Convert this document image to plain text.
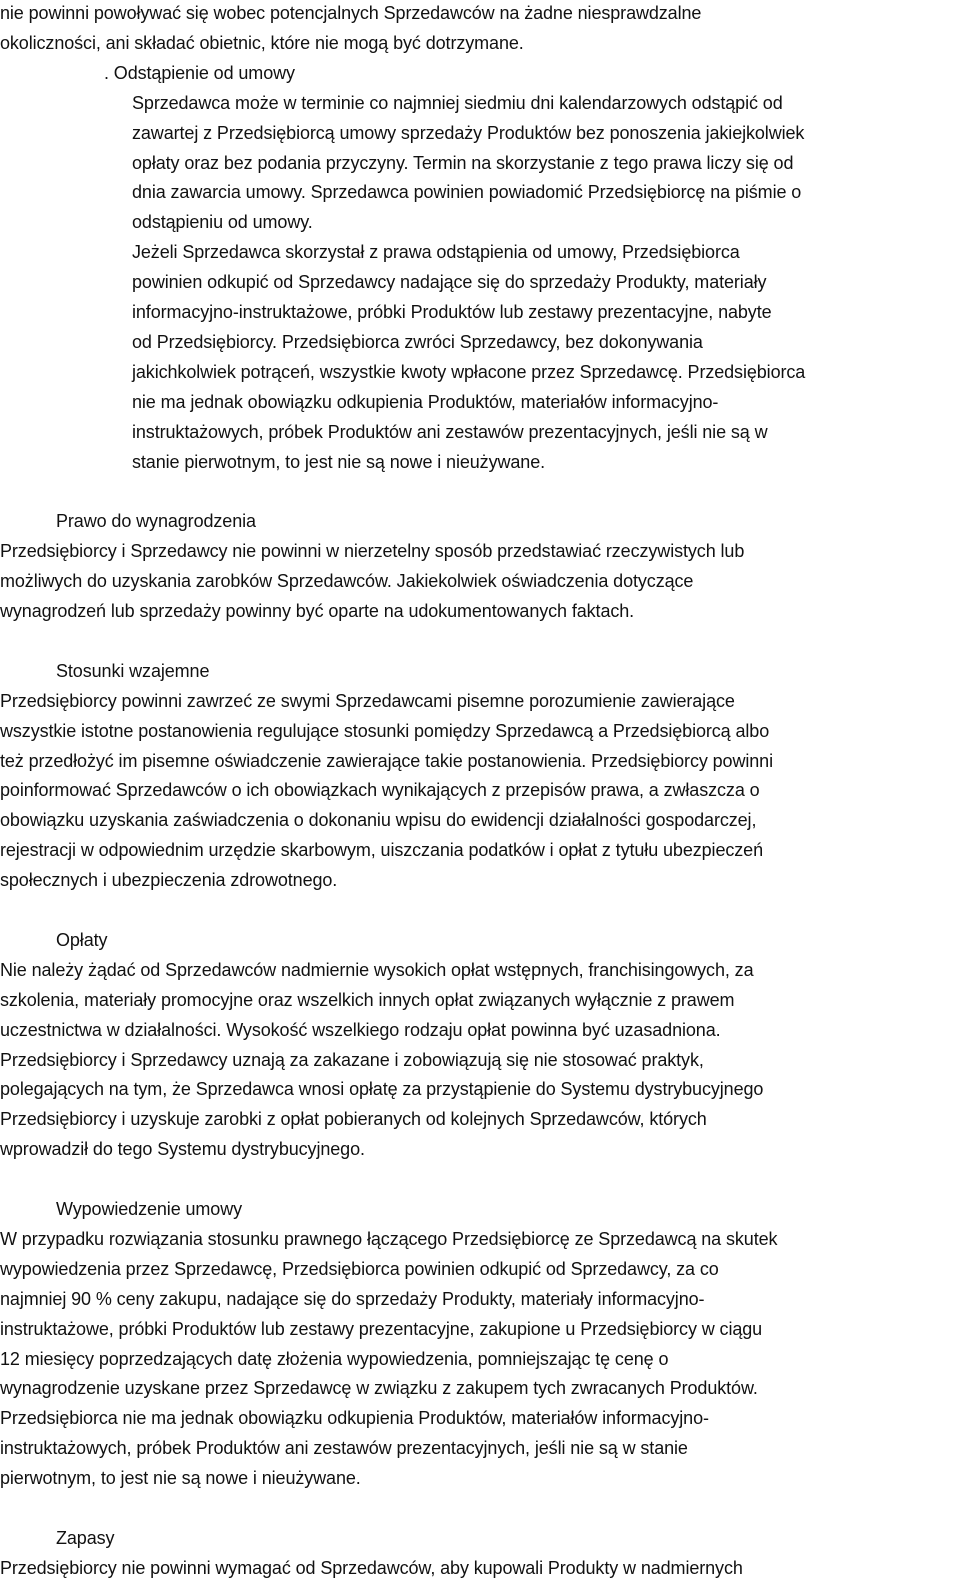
nie powinni powoływać się wobec potencjalnych Sprzedawców na żadne niesprawdzalne
okoliczności, ani składać obietnic, które nie mogą być dotrzymane.
. Odstąpienie od umowy
Sprzedawca może w terminie co najmniej siedmiu dni kalendarzowych odstąpić od
zawartej z Przedsiębiorcą umowy sprzedaży Produktów bez ponoszenia jakiejkolwiek
opłaty oraz bez podania przyczyny. Termin na skorzystanie z tego prawa liczy się od
dnia zawarcia umowy. Sprzedawca powinien powiadomić Przedsiębiorcę na piśmie o
odstąpieniu od umowy.
Jeżeli Sprzedawca skorzystał z prawa odstąpienia od umowy, Przedsiębiorca
powinien odkupić od Sprzedawcy nadające się do sprzedaży Produkty, materiały
informacyjno-instruktażowe, próbki Produktów lub zestawy prezentacyjne, nabyte
od Przedsiębiorcy. Przedsiębiorca zwróci Sprzedawcy, bez dokonywania
jakichkolwiek potrąceń, wszystkie kwoty wpłacone przez Sprzedawcę. Przedsiębiorca
nie ma jednak obowiązku odkupienia Produktów, materiałów informacyjno-
instruktażowych, próbek Produktów ani zestawów prezentacyjnych, jeśli nie są w
stanie pierwotnym, to jest nie są nowe i nieużywane.
Prawo do wynagrodzenia
Przedsiębiorcy i Sprzedawcy nie powinni w nierzetelny sposób przedstawiać rzeczywistych lub
możliwych do uzyskania zarobków Sprzedawców. Jakiekolwiek oświadczenia dotyczące
wynagrodzeń lub sprzedaży powinny być oparte na udokumentowanych faktach.
Stosunki wzajemne
Przedsiębiorcy powinni zawrzeć ze swymi Sprzedawcami pisemne porozumienie zawierające
wszystkie istotne postanowienia regulujące stosunki pomiędzy Sprzedawcą a Przedsiębiorcą albo
też przedłożyć im pisemne oświadczenie zawierające takie postanowienia. Przedsiębiorcy powinni
poinformować Sprzedawców o ich obowiązkach wynikających z przepisów prawa, a zwłaszcza o
obowiązku uzyskania zaświadczenia o dokonaniu wpisu do ewidencji działalności gospodarczej,
rejestracji w odpowiednim urzędzie skarbowym, uiszczania podatków i opłat z tytułu ubezpieczeń
społecznych i ubezpieczenia zdrowotnego.
Opłaty
Nie należy żądać od Sprzedawców nadmiernie wysokich opłat wstępnych, franchisingowych, za
szkolenia, materiały promocyjne oraz wszelkich innych opłat związanych wyłącznie z prawem
uczestnictwa w działalności. Wysokość wszelkiego rodzaju opłat powinna być uzasadniona.
Przedsiębiorcy i Sprzedawcy uznają za zakazane i zobowiązują się nie stosować praktyk,
polegających na tym, że Sprzedawca wnosi opłatę za przystąpienie do Systemu dystrybucyjnego
Przedsiębiorcy i uzyskuje zarobki z opłat pobieranych od kolejnych Sprzedawców, których
wprowadził do tego Systemu dystrybucyjnego.
Wypowiedzenie umowy
W przypadku rozwiązania stosunku prawnego łączącego Przedsiębiorcę ze Sprzedawcą na skutek
wypowiedzenia przez Sprzedawcę, Przedsiębiorca powinien odkupić od Sprzedawcy, za co
najmniej 90 % ceny zakupu, nadające się do sprzedaży Produkty, materiały informacyjno-
instruktażowe, próbki Produktów lub zestawy prezentacyjne, zakupione u Przedsiębiorcy w ciągu
12 miesięcy poprzedzających datę złożenia wypowiedzenia, pomniejszając tę cenę o
wynagrodzenie uzyskane przez Sprzedawcę w związku z zakupem tych zwracanych Produktów.
Przedsiębiorca nie ma jednak obowiązku odkupienia Produktów, materiałów informacyjno-
instruktażowych, próbek Produktów ani zestawów prezentacyjnych, jeśli nie są w stanie
pierwotnym, to jest nie są nowe i nieużywane.
Zapasy
Przedsiębiorcy nie powinni wymagać od Sprzedawców, aby kupowali Produkty w nadmiernych
